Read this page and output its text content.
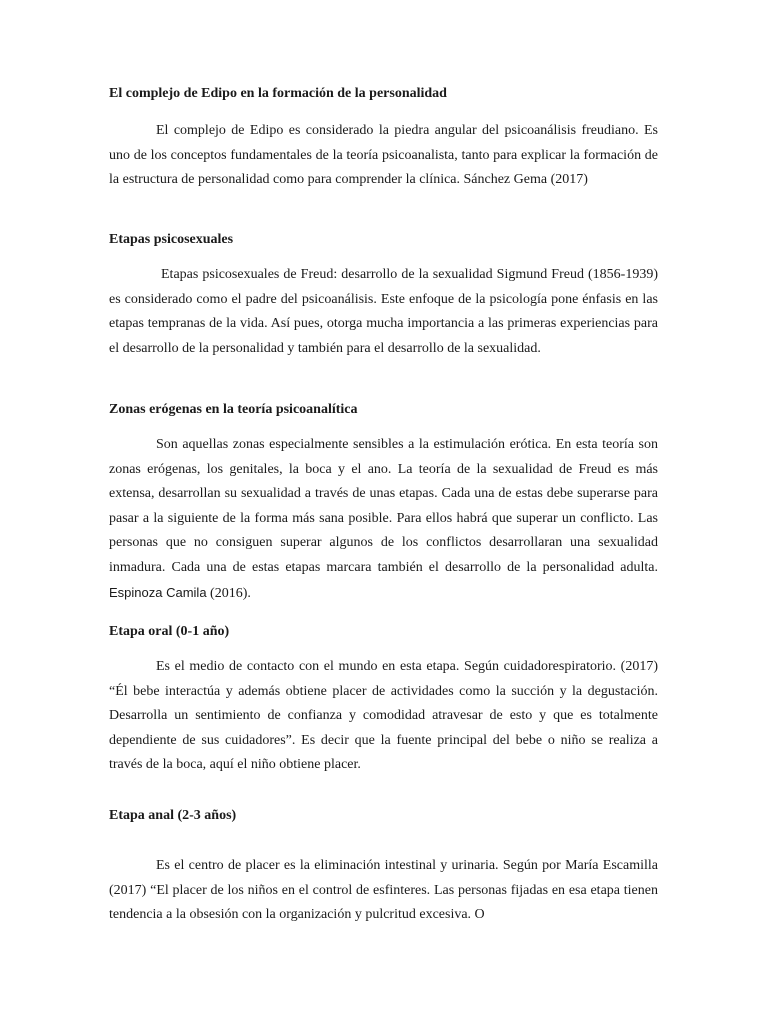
El complejo de Edipo en la formación de la personalidad

El complejo de Edipo es considerado la piedra angular del psicoanálisis freudiano. Es uno de los conceptos fundamentales de la teoría psicoanalista, tanto para explicar la formación de la estructura de personalidad como para comprender la clínica. Sánchez Gema (2017)

Etapas psicosexuales

Etapas psicosexuales de Freud: desarrollo de la sexualidad Sigmund Freud (1856-1939) es considerado como el padre del psicoanálisis. Este enfoque de la psicología pone énfasis en las etapas tempranas de la vida. Así pues, otorga mucha importancia a las primeras experiencias para el desarrollo de la personalidad y también para el desarrollo de la sexualidad.

Zonas erógenas en la teoría psicoanalítica

Son aquellas zonas especialmente sensibles a la estimulación erótica. En esta teoría son zonas erógenas, los genitales, la boca y el ano. La teoría de la sexualidad de Freud es más extensa, desarrollan su sexualidad a través de unas etapas. Cada una de estas debe superarse para pasar a la siguiente de la forma más sana posible. Para ellos habrá que superar un conflicto. Las personas que no consiguen superar algunos de los conflictos desarrollaran una sexualidad inmadura. Cada una de estas etapas marcara también el desarrollo de la personalidad adulta. Espinoza Camila (2016).

Etapa oral (0-1 año)

Es el medio de contacto con el mundo en esta etapa. Según cuidadorespiratorio. (2017) “Él bebe interactúa y además obtiene placer de actividades como la succión y la degustación. Desarrolla un sentimiento de confianza y comodidad atravesar de esto y que es totalmente dependiente de sus cuidadores”. Es decir que la fuente principal del bebe o niño se realiza a través de la boca, aquí el niño obtiene placer.

Etapa anal (2-3 años)

Es el centro de placer es la eliminación intestinal y urinaria. Según por María Escamilla (2017) “El placer de los niños en el control de esfinteres. Las personas fijadas en esa etapa tienen tendencia a la obsesión con la organización y pulcritud excesiva. O
